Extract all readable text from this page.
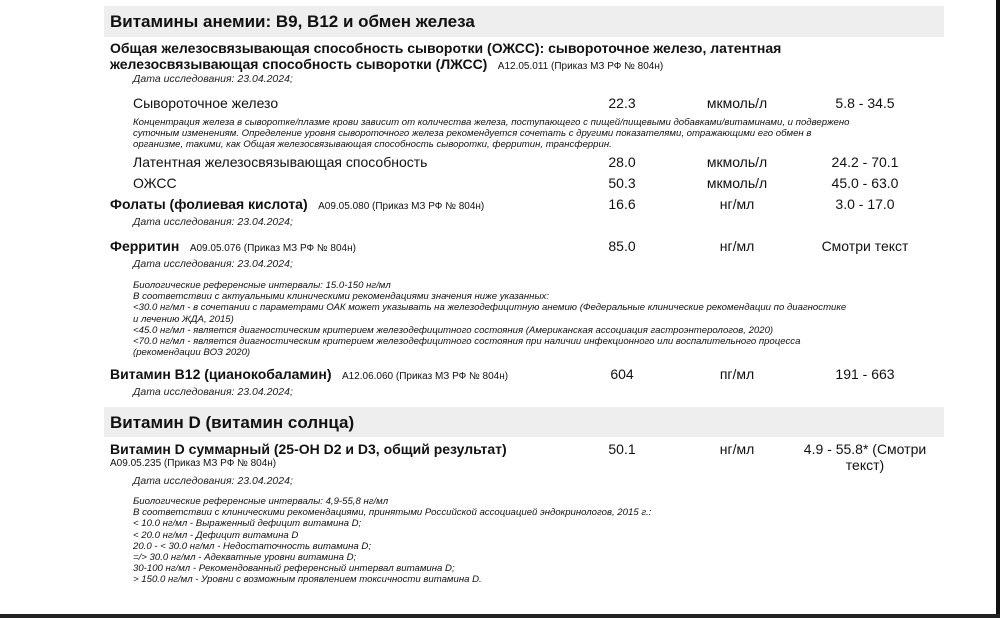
Витамины анемии: B9, B12 и обмен железа
Общая железосвязывающая способность сыворотки (ОЖСС): сывороточное железо, латентная
железосвязывающая способность сыворотки (ЛЖСС) A12.05.011 (Приказ МЗ РФ № 804н)
Дата исследования: 23.04.2024;
Сывороточное железо	22.3	мкмоль/л	5.8 - 34.5
Концентрация железа в сыворотке/плазме крови зависит от количества железа, поступающего с пищей/пищевыми добавками/витаминами, и подвержено
суточным изменениям. Определение уровня сывороточного железа рекомендуется сочетать с другими показателями, отражающими его обмен в
организме, такими, как Общая железосвязывающая способность сыворотки, ферритин, трансферрин.
Латентная железосвязывающая способность	28.0	мкмоль/л	24.2 - 70.1
ОЖСС	50.3	мкмоль/л	45.0 - 63.0
Фолаты (фолиевая кислота) A09.05.080 (Приказ МЗ РФ № 804н)	16.6	нг/мл	3.0 - 17.0
Дата исследования: 23.04.2024;
Ферритин A09.05.076 (Приказ МЗ РФ № 804н)	85.0	нг/мл	Смотри текст
Дата исследования: 23.04.2024;
Биологические референсные интервалы: 15.0-150 нг/мл
В соответствии с актуальными клиническими рекомендациями значения ниже указанных:
<30.0 нг/мл - в сочетании с параметрами ОАК может указывать на железодефицитную анемию (Федеральные клинические рекомендации по диагностике
и лечению ЖДА, 2015)
<45.0 нг/мл - является диагностическим критерием железодефицитного состояния (Американская ассоциация гастроэнтерологов, 2020)
<70.0 нг/мл - является диагностическим критерием железодефицитного состояния при наличии инфекционного или воспалительного процесса
(рекомендации ВОЗ 2020)
Витамин B12 (цианокобаламин) A12.06.060 (Приказ МЗ РФ № 804н)	604	пг/мл	191 - 663
Дата исследования: 23.04.2024;
Витамин D (витамин солнца)
Витамин D суммарный (25-OH D2 и D3, общий результат)
A09.05.235 (Приказ МЗ РФ № 804н)
50.1	нг/мл	4.9 - 55.8* (Смотри
текст)
Дата исследования: 23.04.2024;
Биологические референсные интервалы: 4,9-55,8 нг/мл
В соответствии с клиническими рекомендациями, принятыми Российской ассоциацией эндокринологов, 2015 г.:
< 10.0 нг/мл - Выраженный дефицит витамина D;
< 20.0 нг/мл - Дефицит витамина D
20.0 - < 30.0 нг/мл - Недостаточность витамина D;
=/> 30.0 нг/мл - Адекватные уровни витамина D;
30-100 нг/мл - Рекомендованный референсный интервал витамина D;
> 150.0 нг/мл - Уровни с возможным проявлением токсичности витамина D.
